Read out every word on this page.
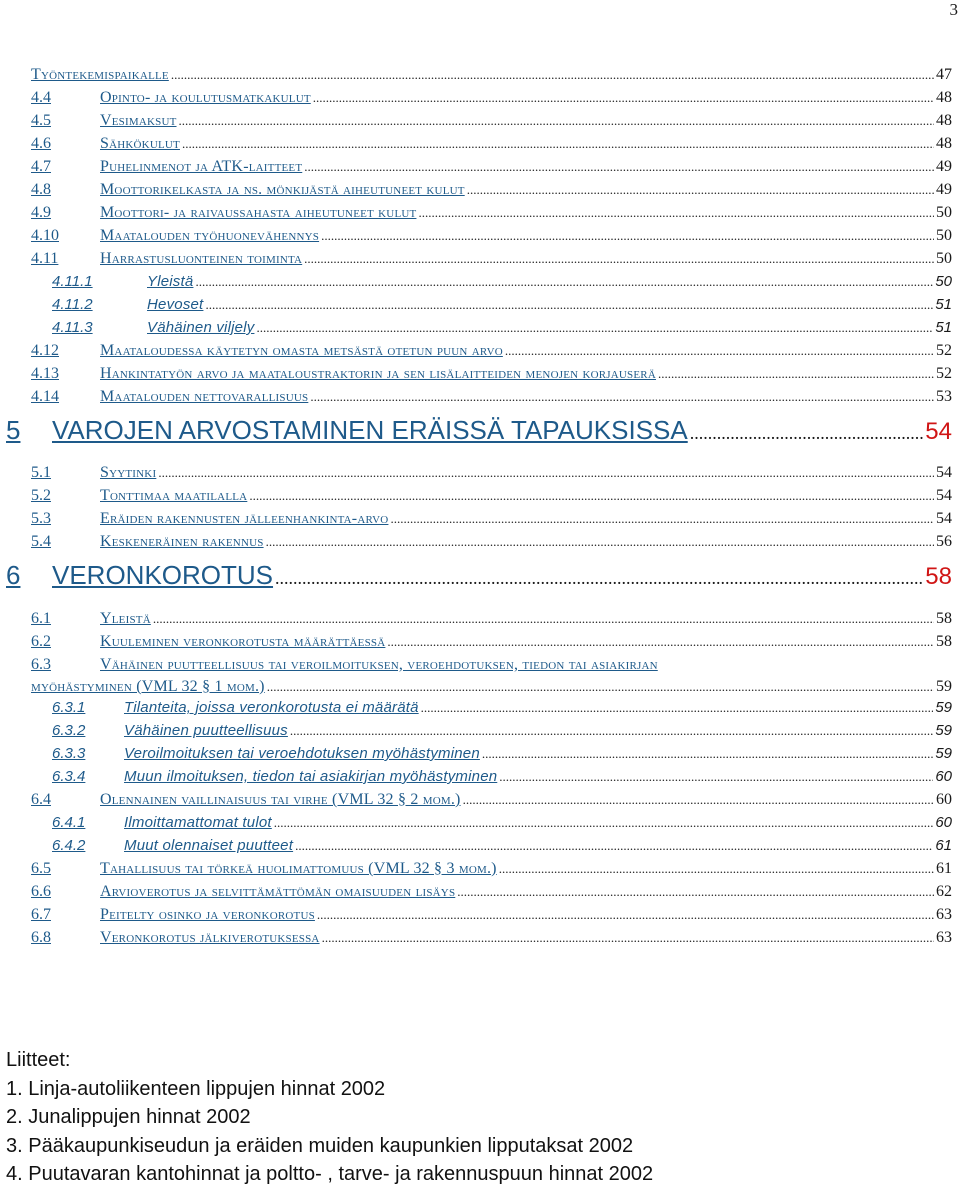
3
Työntekemispaikalle .....	47
4.4	Opinto- ja koulutusmatkakulut .....	48
4.5	Vesimaksut .....	48
4.6	Sähkökulut .....	48
4.7	Puhelinmenot ja ATK-laitteet .....	49
4.8	Moottorikelkasta ja ns. mönkijästä aiheutuneet kulut .....	49
4.9	Moottori- ja raivaussahasta aiheutuneet kulut .....	50
4.10	Maatalouden työhuonevähennys .....	50
4.11	Harrastusluonteinen toiminta .....	50
4.11.1	Yleistä .....	50
4.11.2	Hevoset .....	51
4.11.3	Vähäinen viljely .....	51
4.12	Maataloudessa käytetyn omasta metsästä otetun puun arvo .....	52
4.13	Hankintatyön arvo ja maataloustraktorin ja sen lisälaitteiden menojen korjauserä .....	52
4.14	Maatalouden nettovarallisuus .....	53
5	VAROJEN ARVOSTAMINEN ERÄISSÄ TAPAUKSISSA .....	54
5.1	Syytinki .....	54
5.2	Tonttimaa maatilalla .....	54
5.3	Eräiden rakennusten jälleenhankinta-arvo .....	54
5.4	Keskeneräinen rakennus .....	56
6	VERONKOROTUS .....	58
6.1	Yleistä .....	58
6.2	Kuuleminen veronkorotusta määrättäessä .....	58
6.3	Vähäinen puutteellisuus tai veroilmoituksen, veroehdotuksen, tiedon tai asiakirjan
myöhästyminen (VML 32 § 1 mom.) .....	59
6.3.1	Tilanteita, joissa veronkorotusta ei määrätä .....	59
6.3.2	Vähäinen puutteellisuus .....	59
6.3.3	Veroilmoituksen tai veroehdotuksen myöhästyminen .....	59
6.3.4	Muun ilmoituksen, tiedon tai asiakirjan myöhästyminen .....	60
6.4	Olennainen vaillinaisuus tai virhe (VML 32 § 2 mom.) .....	60
6.4.1	Ilmoittamattomat tulot .....	60
6.4.2	Muut olennaiset puutteet .....	61
6.5	Tahallisuus tai törkeä huolimattomuus (VML 32 § 3 mom.) .....	61
6.6	Arvioverotus ja selvittämättömän omaisuuden lisäys .....	62
6.7	Peitelty osinko ja veronkorotus .....	63
6.8	Veronkorotus jälkiverotuksessa .....	63
Liitteet:
1. Linja-autoliikenteen lippujen hinnat 2002
2. Junalippujen hinnat 2002
3. Pääkaupunkiseudun ja eräiden muiden kaupunkien lipputaksat 2002
4. Puutavaran kantohinnat ja poltto- , tarve- ja rakennuspuun hinnat 2002
